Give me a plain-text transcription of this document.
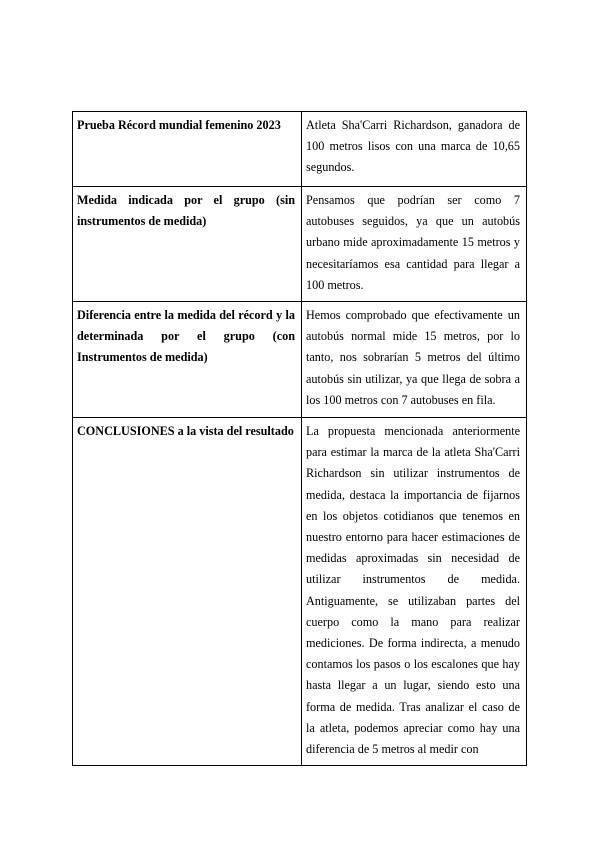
Prueba Récord mundial femenino 2023	Atleta Sha'Carri Richardson, ganadora de 100 metros lisos con una marca de 10,65 segundos.
Medida indicada por el grupo (sin instrumentos de medida)	Pensamos que podrían ser como 7 autobuses seguidos, ya que un autobús urbano mide aproximadamente 15 metros y necesitaríamos esa cantidad para llegar a 100 metros.
Diferencia entre la medida del récord y la determinada por el grupo (con Instrumentos de medida)	Hemos comprobado que efectivamente un autobús normal mide 15 metros, por lo tanto, nos sobrarían 5 metros del último autobús sin utilizar, ya que llega de sobra a los 100 metros con 7 autobuses en fila.
CONCLUSIONES a la vista del resultado	La propuesta mencionada anteriormente para estimar la marca de la atleta Sha'Carri Richardson sin utilizar instrumentos de medida, destaca la importancia de fijarnos en los objetos cotidianos que tenemos en nuestro entorno para hacer estimaciones de medidas aproximadas sin necesidad de utilizar instrumentos de medida. Antiguamente, se utilizaban partes del cuerpo como la mano para realizar mediciones. De forma indirecta, a menudo contamos los pasos o los escalones que hay hasta llegar a un lugar, siendo esto una forma de medida. Tras analizar el caso de la atleta, podemos apreciar como hay una diferencia de 5 metros al medir con
